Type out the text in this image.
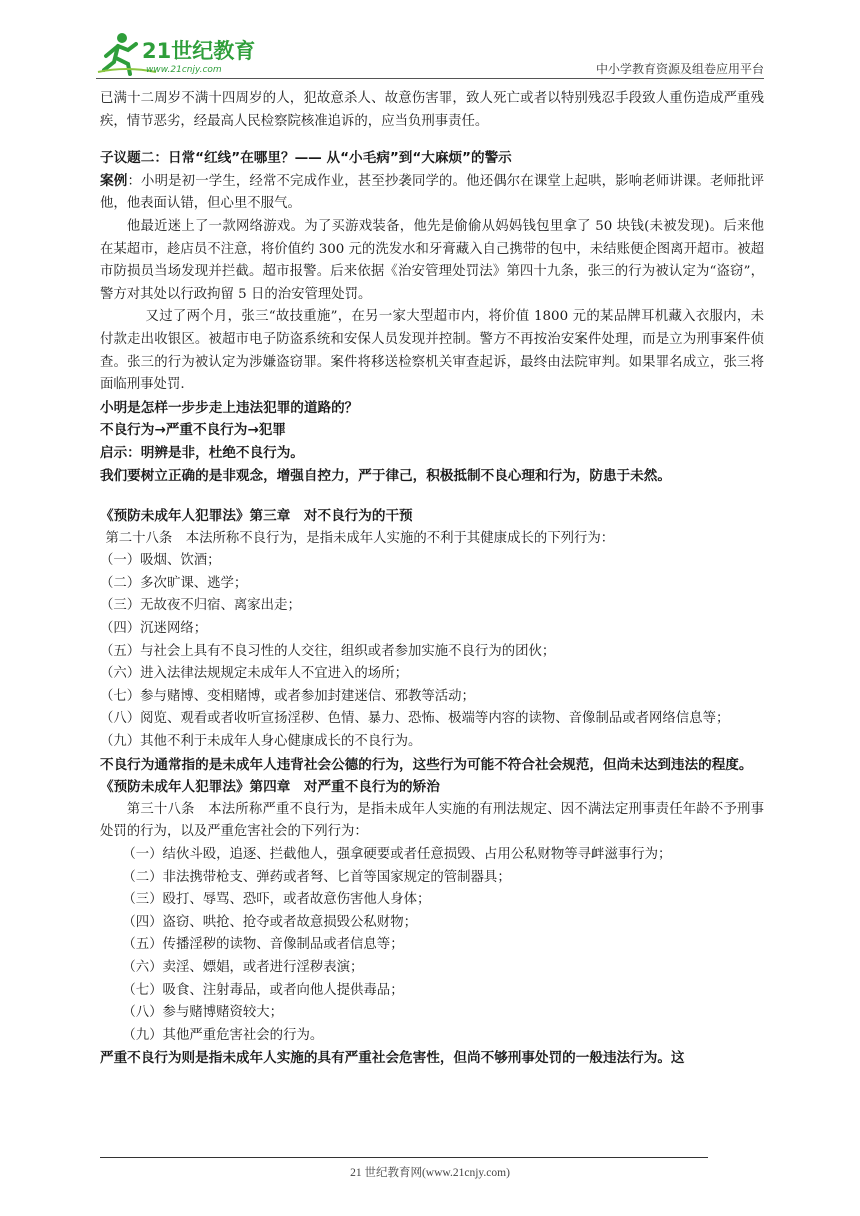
21世纪教育
www.21cnjy.com	中小学教育资源及组卷应用平台

已满十二周岁不满十四周岁的人，犯故意杀人、故意伤害罪，致人死亡或者以特别残忍手段致人重伤造成严重残疾，情节恶劣，经最高人民检察院核准追诉的，应当负刑事责任。

子议题二：日常“红线”在哪里？—— 从“小毛病”到“大麻烦”的警示

案例：小明是初一学生，经常不完成作业，甚至抄袭同学的。他还偶尔在课堂上起哄，影响老师讲课。老师批评他，他表面认错，但心里不服气。

他最近迷上了一款网络游戏。为了买游戏装备，他先是偷偷从妈妈钱包里拿了 50 块钱(未被发现)。后来他在某超市，趁店员不注意，将价值约 300 元的洗发水和牙膏藏入自己携带的包中，未结账便企图离开超市。被超市防损员当场发现并拦截。超市报警。后来依据《治安管理处罚法》第四十九条，张三的行为被认定为“盗窃”，警方对其处以行政拘留 5 日的治安管理处罚。

又过了两个月，张三“故技重施”，在另一家大型超市内，将价值 1800 元的某品牌耳机藏入衣服内，未付款走出收银区。被超市电子防盗系统和安保人员发现并控制。警方不再按治安案件处理，而是立为刑事案件侦查。张三的行为被认定为涉嫌盗窃罪。案件将移送检察机关审查起诉，最终由法院审判。如果罪名成立，张三将面临刑事处罚.

小明是怎样一步步走上违法犯罪的道路的？

不良行为→严重不良行为→犯罪

启示：明辨是非，杜绝不良行为。

我们要树立正确的是非观念，增强自控力，严于律己，积极抵制不良心理和行为，防患于未然。

《预防未成年人犯罪法》第三章　对不良行为的干预

第二十八条　本法所称不良行为，是指未成年人实施的不利于其健康成长的下列行为：

（一）吸烟、饮酒；

（二）多次旷课、逃学；

（三）无故夜不归宿、离家出走；

（四）沉迷网络；

（五）与社会上具有不良习性的人交往，组织或者参加实施不良行为的团伙；

（六）进入法律法规规定未成年人不宜进入的场所；

（七）参与赌博、变相赌博，或者参加封建迷信、邪教等活动；

（八）阅览、观看或者收听宣扬淫秽、色情、暴力、恐怖、极端等内容的读物、音像制品或者网络信息等；

（九）其他不利于未成年人身心健康成长的不良行为。

不良行为通常指的是未成年人违背社会公德的行为，这些行为可能不符合社会规范，但尚未达到违法的程度。

《预防未成年人犯罪法》第四章　对严重不良行为的矫治

第三十八条　本法所称严重不良行为，是指未成年人实施的有刑法规定、因不满法定刑事责任年龄不予刑事处罚的行为，以及严重危害社会的下列行为：

（一）结伙斗殴，追逐、拦截他人，强拿硬要或者任意损毁、占用公私财物等寻衅滋事行为；

（二）非法携带枪支、弹药或者弩、匕首等国家规定的管制器具；

（三）殴打、辱骂、恐吓，或者故意伤害他人身体；

（四）盗窃、哄抢、抢夺或者故意损毁公私财物；

（五）传播淫秽的读物、音像制品或者信息等；

（六）卖淫、嫖娼，或者进行淫秽表演；

（七）吸食、注射毒品，或者向他人提供毒品；

（八）参与赌博赌资较大；

（九）其他严重危害社会的行为。

严重不良行为则是指未成年人实施的具有严重社会危害性，但尚不够刑事处罚的一般违法行为。这

21 世纪教育网(www.21cnjy.com)
